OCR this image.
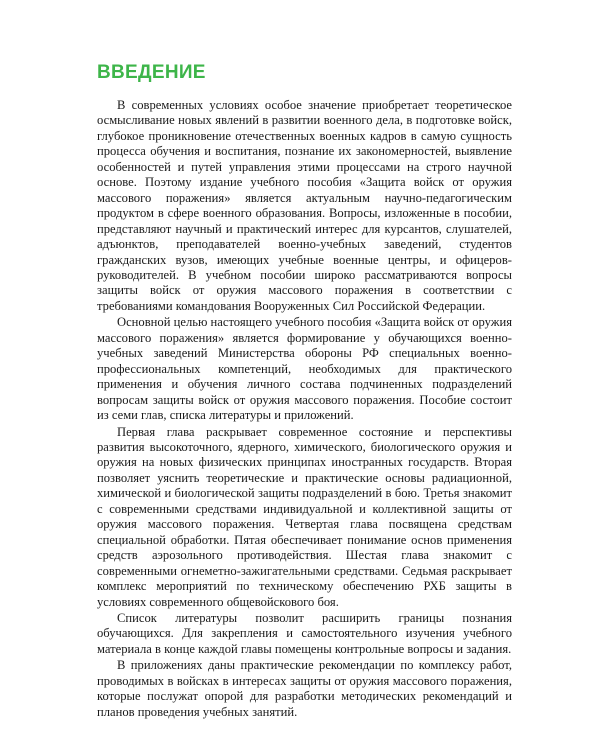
ВВЕДЕНИЕ

В современных условиях особое значение приобретает теоретическое осмысливание новых явлений в развитии военного дела, в подготовке войск, глубокое проникновение отечественных военных кадров в самую сущность процесса обучения и воспитания, познание их закономерностей, выявление особенностей и путей управления этими процессами на строго научной основе. Поэтому издание учебного пособия «Защита войск от оружия массового поражения» является актуальным научно-педагогическим продуктом в сфере военного образования. Вопросы, изложенные в пособии, представляют научный и практический интерес для курсантов, слушателей, адъюнктов, преподавателей военно-учебных заведений, студентов гражданских вузов, имеющих учебные военные центры, и офицеров-руководителей. В учебном пособии широко рассматриваются вопросы защиты войск от оружия массового поражения в соответствии с требованиями командования Вооруженных Сил Российской Федерации.

Основной целью настоящего учебного пособия «Защита войск от оружия массового поражения» является формирование у обучающихся военно-учебных заведений Министерства обороны РФ специальных военно-профессиональных компетенций, необходимых для практического применения и обучения личного состава подчиненных подразделений вопросам защиты войск от оружия массового поражения. Пособие состоит из семи глав, списка литературы и приложений.

Первая глава раскрывает современное состояние и перспективы развития высокоточного, ядерного, химического, биологического оружия и оружия на новых физических принципах иностранных государств. Вторая позволяет уяснить теоретические и практические основы радиационной, химической и биологической защиты подразделений в бою. Третья знакомит с современными средствами индивидуальной и коллективной защиты от оружия массового поражения. Четвертая глава посвящена средствам специальной обработки. Пятая обеспечивает понимание основ применения средств аэрозольного противодействия. Шестая глава знакомит с современными огнеметно-зажигательными средствами. Седьмая раскрывает комплекс мероприятий по техническому обеспечению РХБ защиты в условиях современного общевойскового боя.

Список литературы позволит расширить границы познания обучающихся. Для закрепления и самостоятельного изучения учебного материала в конце каждой главы помещены контрольные вопросы и задания.

В приложениях даны практические рекомендации по комплексу работ, проводимых в войсках в интересах защиты от оружия массового поражения, которые послужат опорой для разработки методических рекомендаций и планов проведения учебных занятий.
